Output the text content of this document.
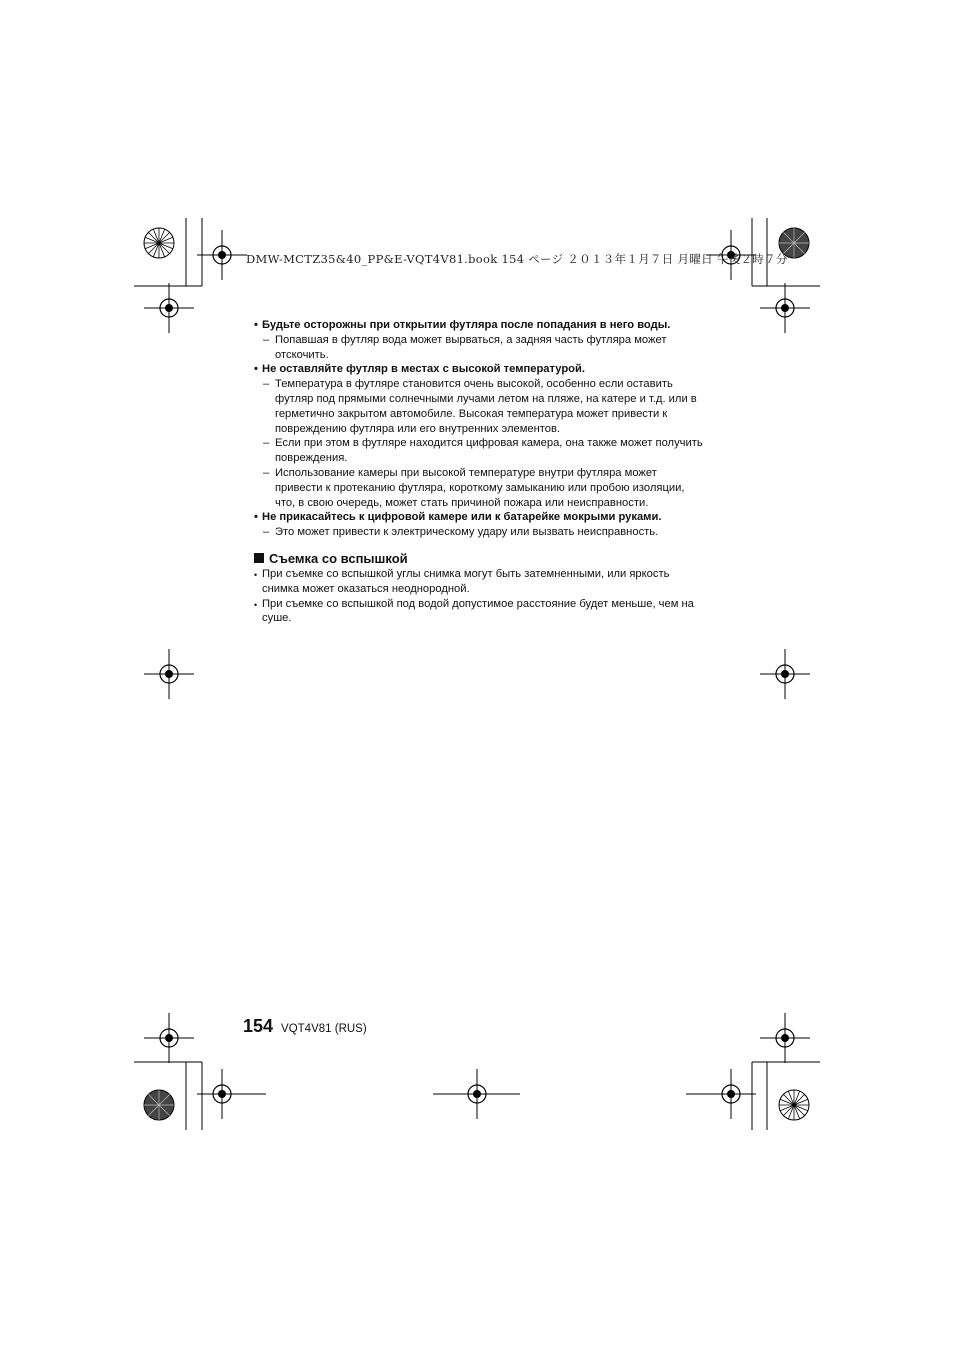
DMW-MCTZ35&40_PP&E-VQT4V81.book 154 ページ ２０１３年１月７日 月曜日 午後２時７分
• Будьте осторожны при открытии футляра после попадания в него воды.
– Попавшая в футляр вода может вырваться, а задняя часть футляра может отскочить.
• Не оставляйте футляр в местах с высокой температурой.
– Температура в футляре становится очень высокой, особенно если оставить футляр под прямыми солнечными лучами летом на пляже, на катере и т.д. или в герметично закрытом автомобиле. Высокая температура может привести к повреждению футляра или его внутренних элементов.
– Если при этом в футляре находится цифровая камера, она также может получить повреждения.
– Использование камеры при высокой температуре внутри футляра может привести к протеканию футляра, короткому замыканию или пробою изоляции, что, в свою очередь, может стать причиной пожара или неисправности.
• Не прикасайтесь к цифровой камере или к батарейке мокрыми руками.
– Это может привести к электрическому удару или вызвать неисправность.
Съемка со вспышкой
• При съемке со вспышкой углы снимка могут быть затемненными, или яркость снимка может оказаться неоднородной.
• При съемке со вспышкой под водой допустимое расстояние будет меньше, чем на суше.
154 VQT4V81 (RUS)
